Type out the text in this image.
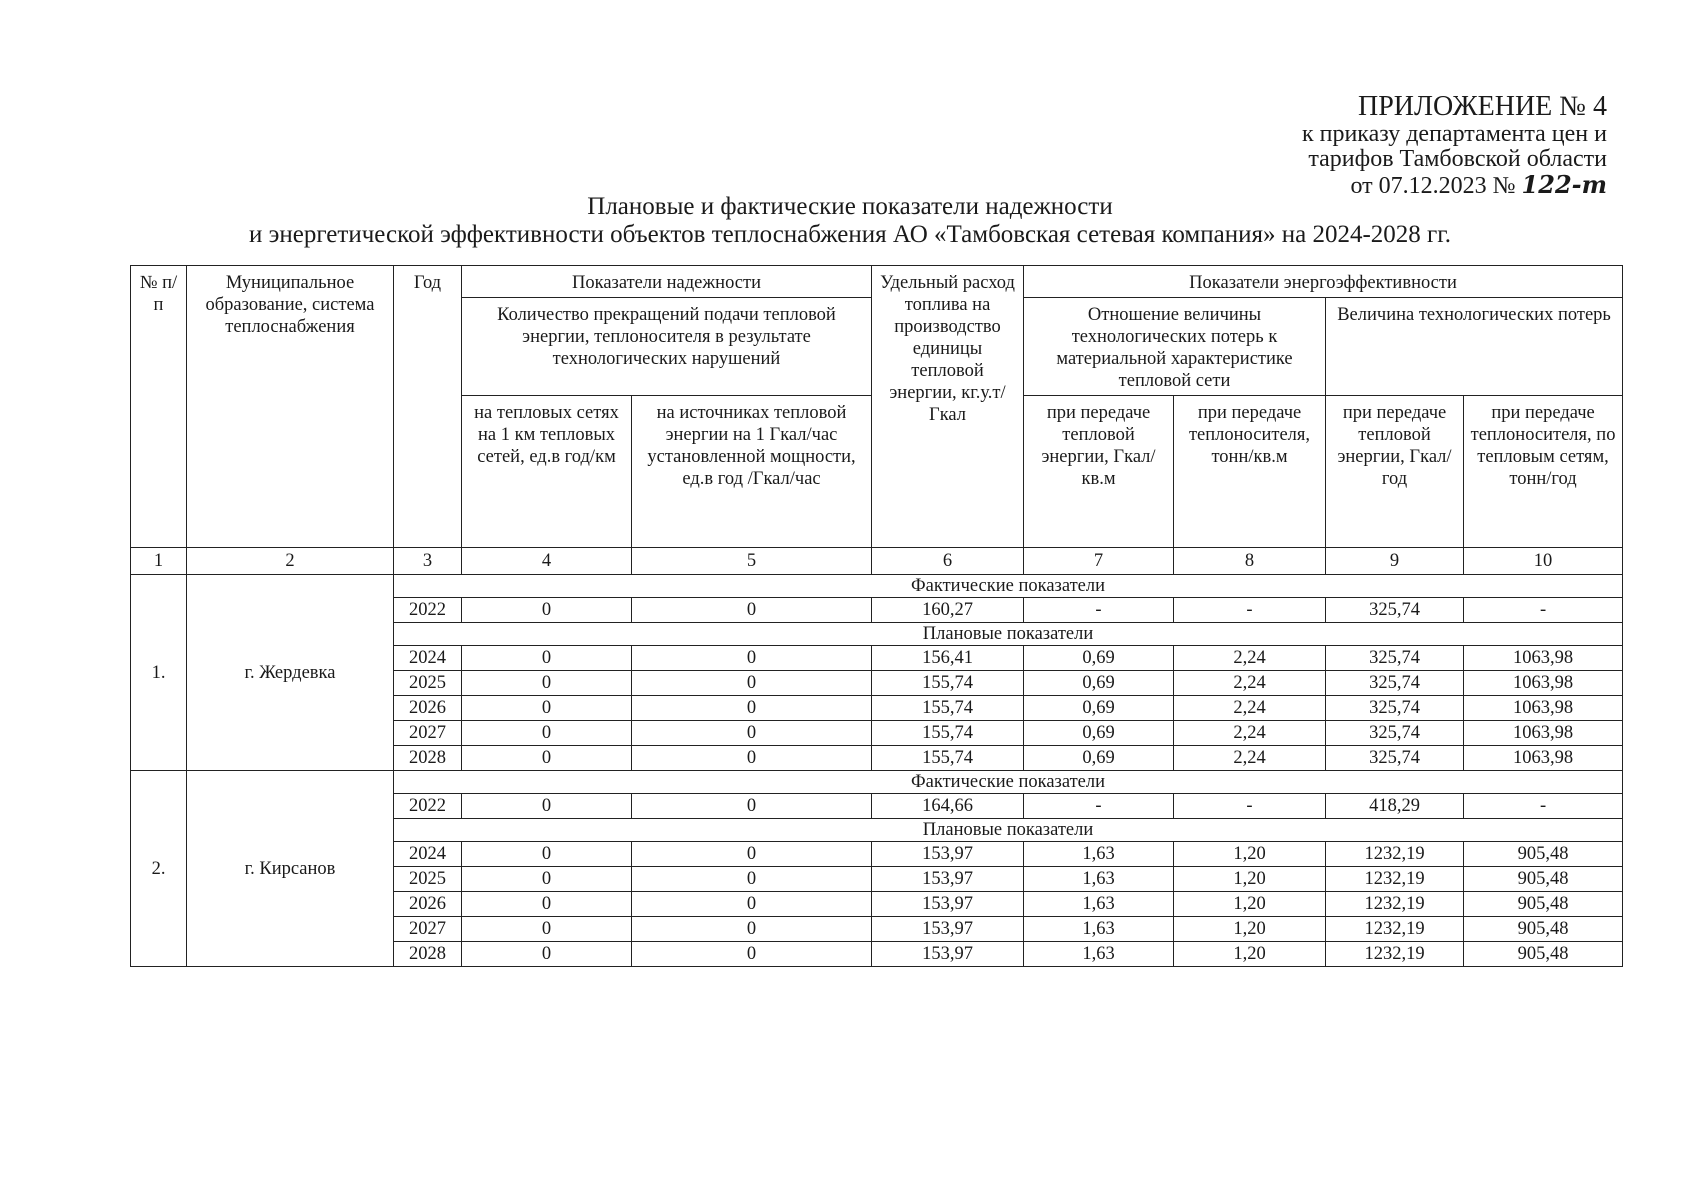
ПРИЛОЖЕНИЕ № 4
к приказу департамента цен и
тарифов Тамбовской области
от 07.12.2023 № 122-т
Плановые и фактические показатели надежности
и энергетической эффективности объектов теплоснабжения АО «Тамбовская сетевая компания» на 2024-2028 гг.
№ п/п	Муниципальное образование, система теплоснабжения	Год	Показатели надежности		Удельный расход топлива на производство единицы тепловой энергии, кг.у.т/Гкал	Показатели энергоэффективности			
			Количество прекращений подачи тепловой энергии, теплоносителя в результате технологических нарушений			Отношение величины технологических потерь к материальной характеристике тепловой сети		Величина технологических потерь	
			на тепловых сетях на 1 км тепловых сетей, ед.в год/км	на источниках тепловой энергии на 1 Гкал/час установленной мощности, ед.в год /Гкал/час		при передаче тепловой энергии, Гкал/кв.м	при передаче теплоносителя, тонн/кв.м	при передаче тепловой энергии, Гкал/год	при передаче теплоносителя, по тепловым сетям, тонн/год
1	2	3	4	5	6	7	8	9	10
1.	г. Жердевка	Фактические показатели							
		2022	0	0	160,27	-	-	325,74	-
		Плановые показатели							
		2024	0	0	156,41	0,69	2,24	325,74	1063,98
		2025	0	0	155,74	0,69	2,24	325,74	1063,98
		2026	0	0	155,74	0,69	2,24	325,74	1063,98
		2027	0	0	155,74	0,69	2,24	325,74	1063,98
		2028	0	0	155,74	0,69	2,24	325,74	1063,98
2.	г. Кирсанов	Фактические показатели							
		2022	0	0	164,66	-	-	418,29	-
		Плановые показатели							
		2024	0	0	153,97	1,63	1,20	1232,19	905,48
		2025	0	0	153,97	1,63	1,20	1232,19	905,48
		2026	0	0	153,97	1,63	1,20	1232,19	905,48
		2027	0	0	153,97	1,63	1,20	1232,19	905,48
		2028	0	0	153,97	1,63	1,20	1232,19	905,48
